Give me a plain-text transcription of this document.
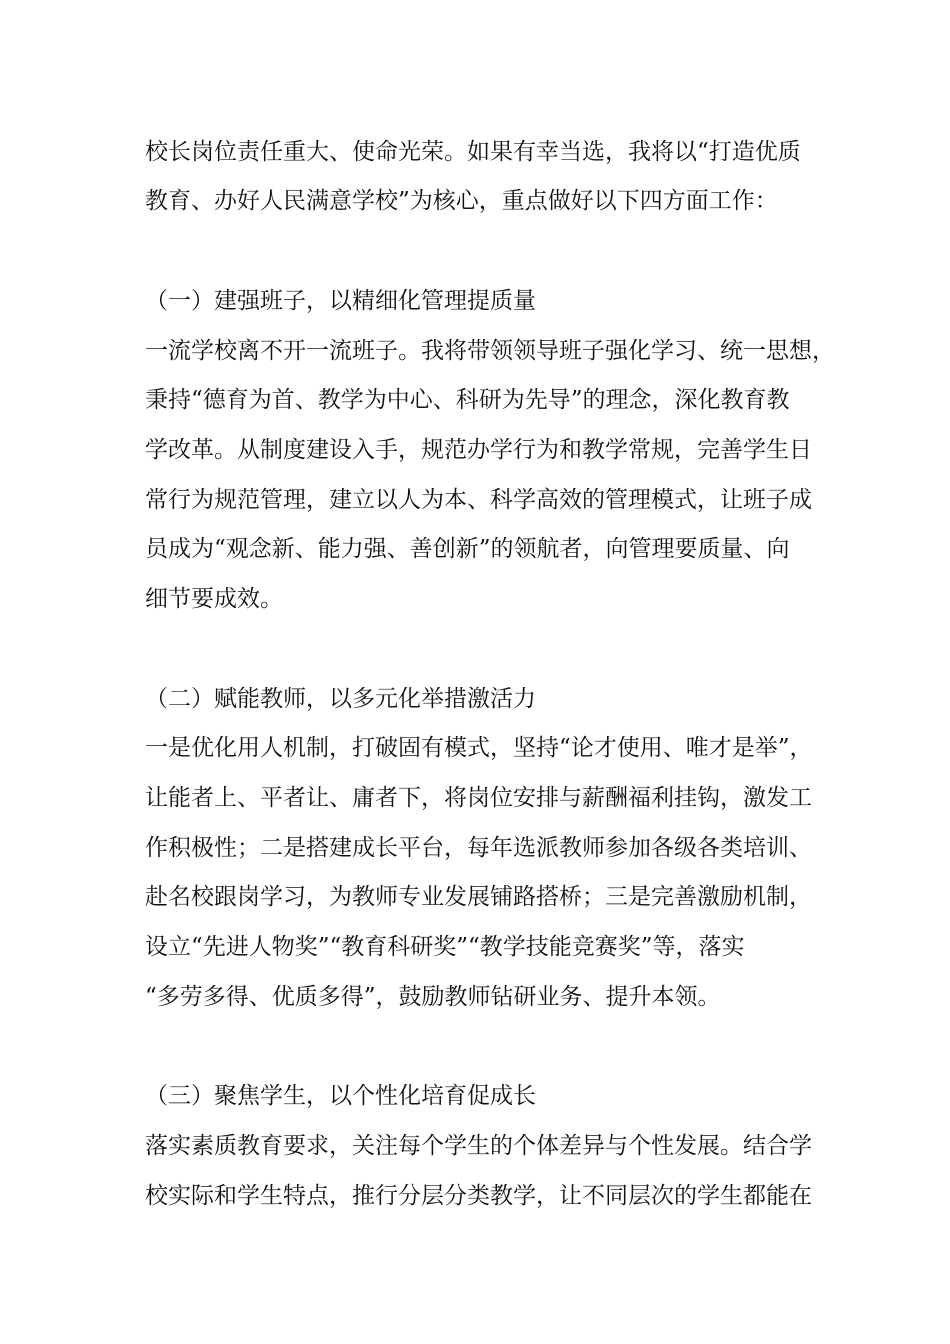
校长岗位责任重大、使命光荣。如果有幸当选，我将以“打造优质
教育、办好人民满意学校”为核心，重点做好以下四方面工作：
（一）建强班子，以精细化管理提质量
一流学校离不开一流班子。我将带领领导班子强化学习、统一思想，
秉持“德育为首、教学为中心、科研为先导”的理念，深化教育教
学改革。从制度建设入手，规范办学行为和教学常规，完善学生日
常行为规范管理，建立以人为本、科学高效的管理模式，让班子成
员成为“观念新、能力强、善创新”的领航者，向管理要质量、向
细节要成效。
（二）赋能教师，以多元化举措激活力
一是优化用人机制，打破固有模式，坚持“论才使用、唯才是举”，
让能者上、平者让、庸者下，将岗位安排与薪酬福利挂钩，激发工
作积极性；二是搭建成长平台，每年选派教师参加各级各类培训、
赴名校跟岗学习，为教师专业发展铺路搭桥；三是完善激励机制，
设立“先进人物奖”“教育科研奖”“教学技能竞赛奖”等，落实
“多劳多得、优质多得”，鼓励教师钻研业务、提升本领。
（三）聚焦学生，以个性化培育促成长
落实素质教育要求，关注每个学生的个体差异与个性发展。结合学
校实际和学生特点，推行分层分类教学，让不同层次的学生都能在
